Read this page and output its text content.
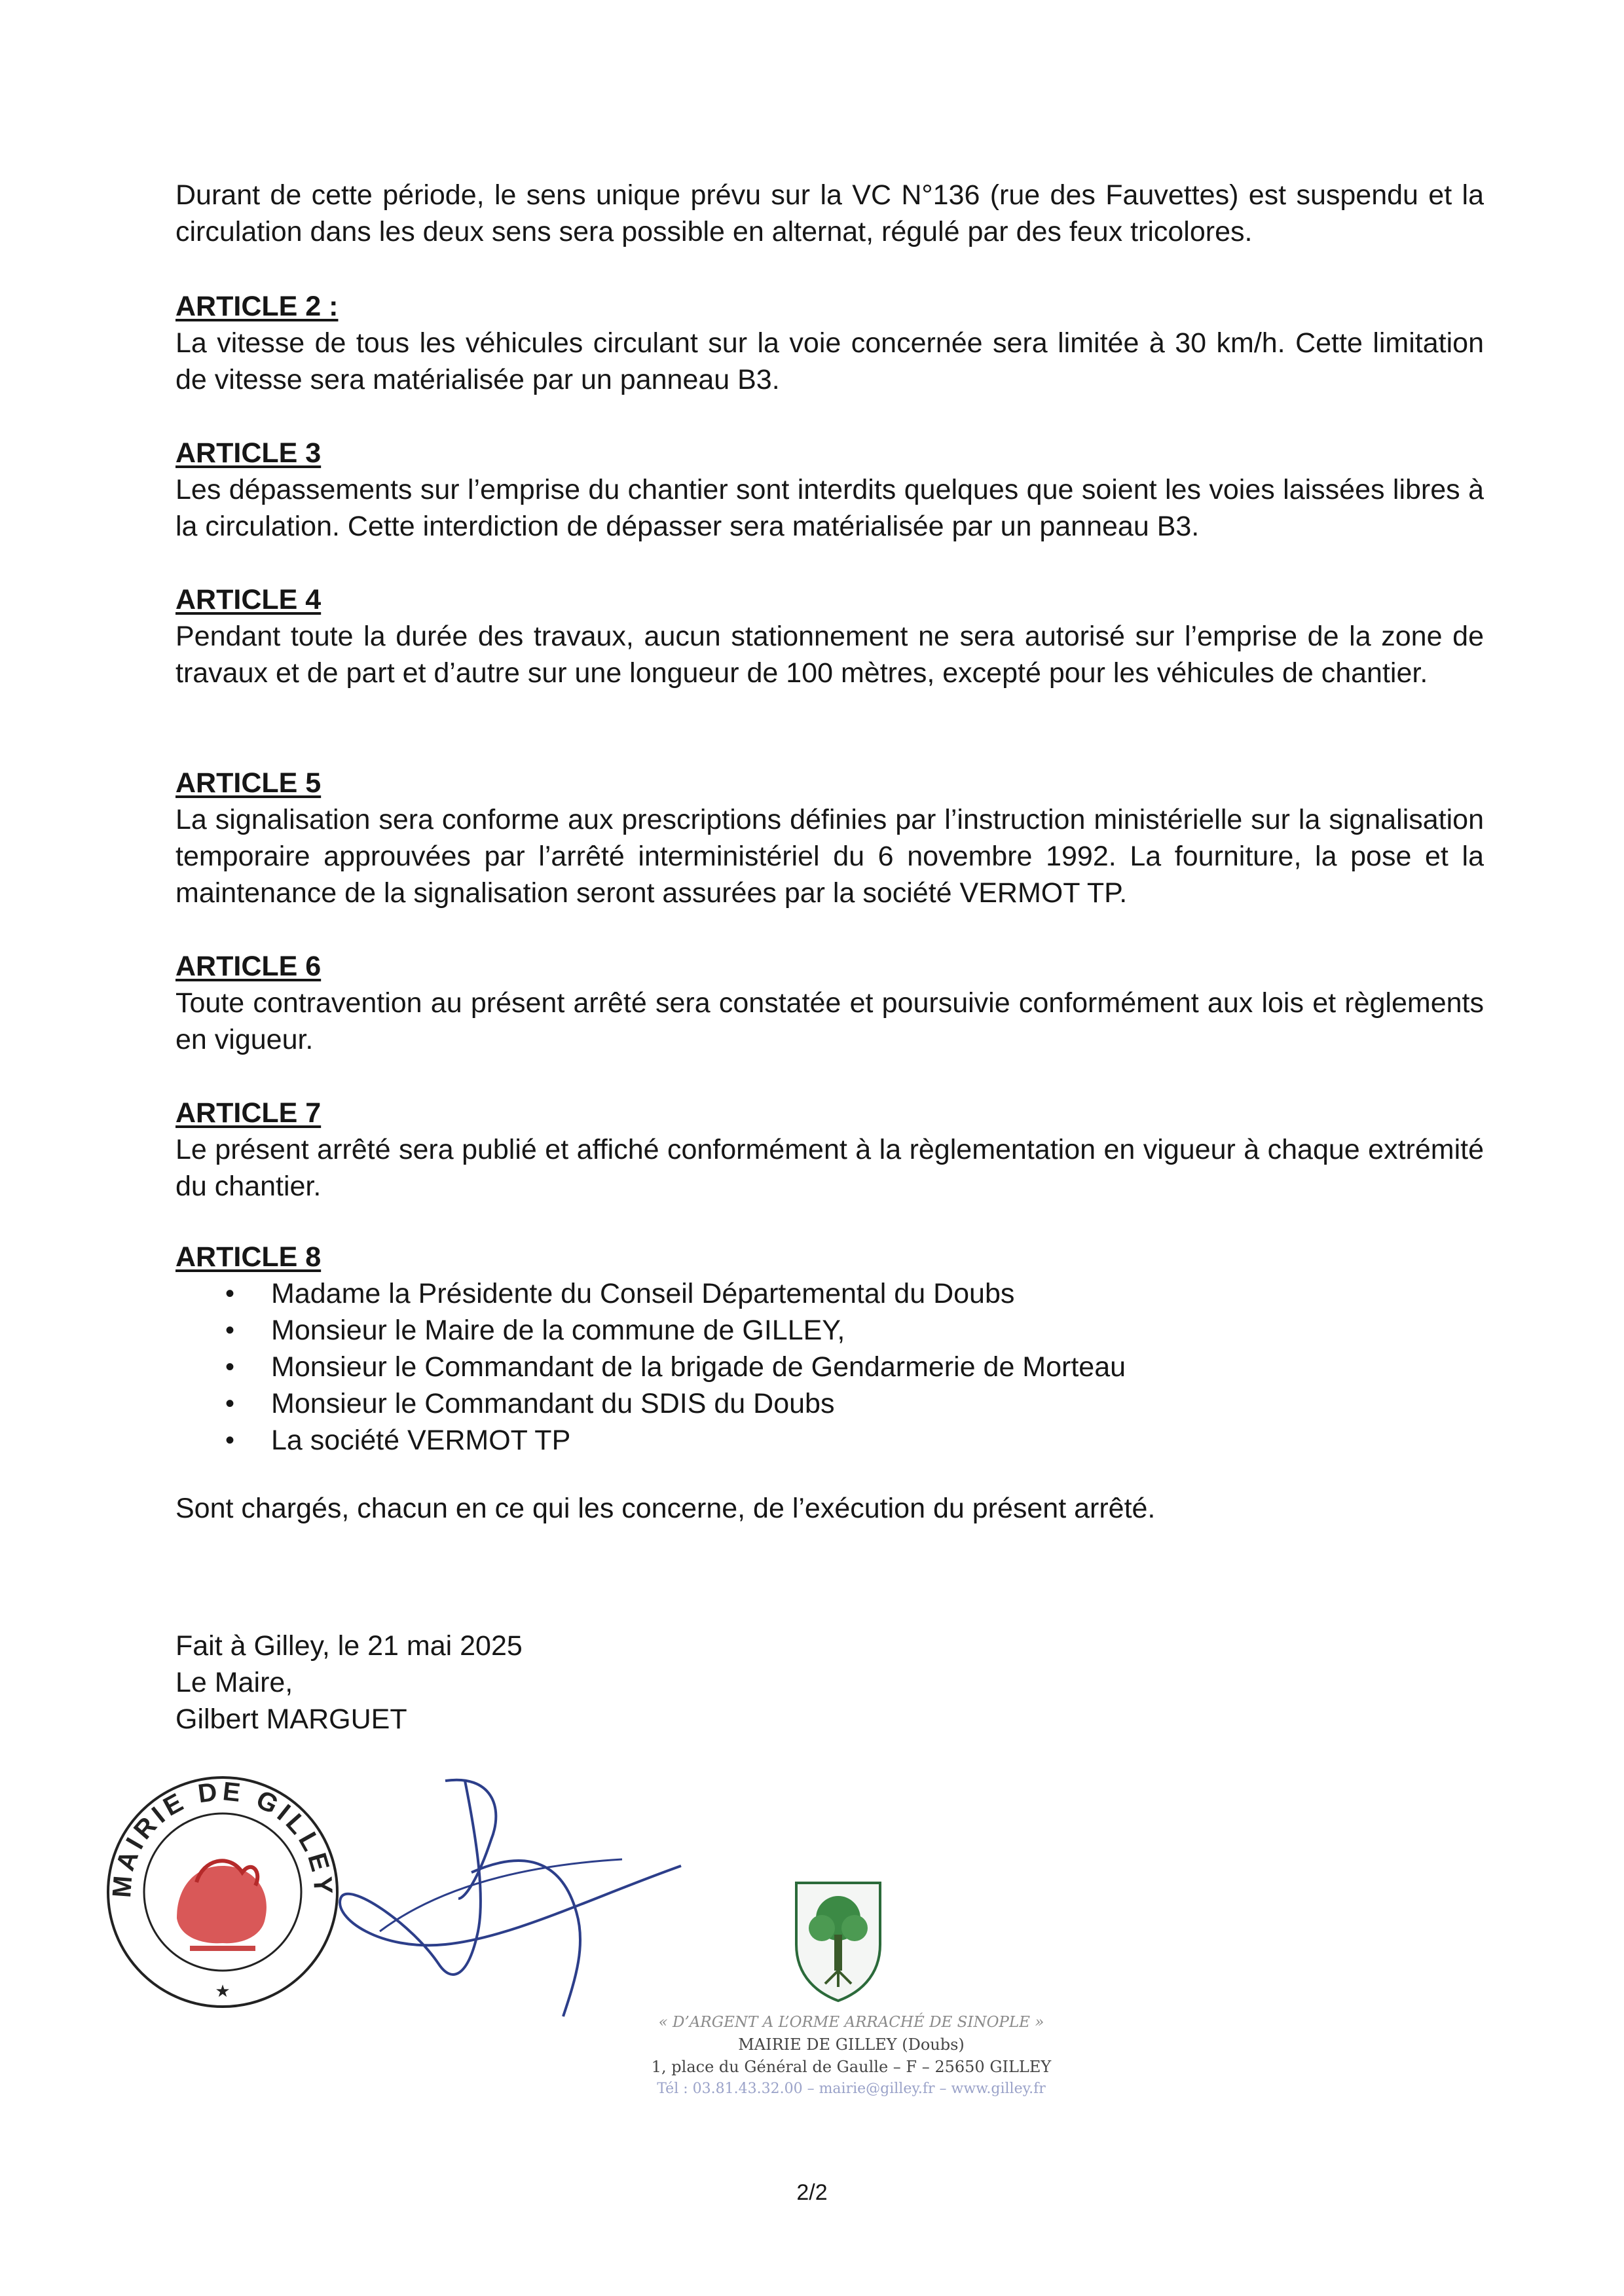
Durant de cette période, le sens unique prévu sur la VC N°136 (rue des Fauvettes) est suspendu et la circulation dans les deux sens sera possible en alternat, régulé par des feux tricolores.

ARTICLE 2 :

La vitesse de tous les véhicules circulant sur la voie concernée sera limitée à 30 km/h. Cette limitation de vitesse sera matérialisée par un panneau B3.

ARTICLE 3

Les dépassements sur l’emprise du chantier sont interdits quelques que soient les voies laissées libres à la circulation. Cette interdiction de dépasser sera matérialisée par un panneau B3.

ARTICLE 4

Pendant toute la durée des travaux, aucun stationnement ne sera autorisé sur l’emprise de la zone de travaux et de part et d’autre sur une longueur de 100 mètres, excepté pour les véhicules de chantier.

ARTICLE 5

La signalisation sera conforme aux prescriptions définies par l’instruction ministérielle sur la signalisation temporaire approuvées par l’arrêté interministériel du 6 novembre 1992. La fourniture, la pose et la maintenance de la signalisation seront assurées par la société VERMOT TP.

ARTICLE 6

Toute contravention au présent arrêté sera constatée et poursuivie conformément aux lois et règlements en vigueur.

ARTICLE 7

Le présent arrêté sera publié et affiché conformément à la règlementation en vigueur à chaque extrémité du chantier.

ARTICLE 8

• Madame la Présidente du Conseil Départemental du Doubs
• Monsieur le Maire de la commune de GILLEY,
• Monsieur le Commandant de la brigade de Gendarmerie de Morteau
• Monsieur le Commandant du SDIS du Doubs
• La société VERMOT TP

Sont chargés, chacun en ce qui les concerne, de l’exécution du présent arrêté.

Fait à Gilley, le 21 mai 2025
Le Maire,
Gilbert MARGUET
MAIRIE DE GILLEY
★
« D’ARGENT A L’ORME ARRACHÉ DE SINOPLE »
MAIRIE DE GILLEY (Doubs)
1, place du Général de Gaulle – F – 25650 GILLEY
Tél : 03.81.43.32.00 – mairie@gilley.fr – www.gilley.fr
2/2
